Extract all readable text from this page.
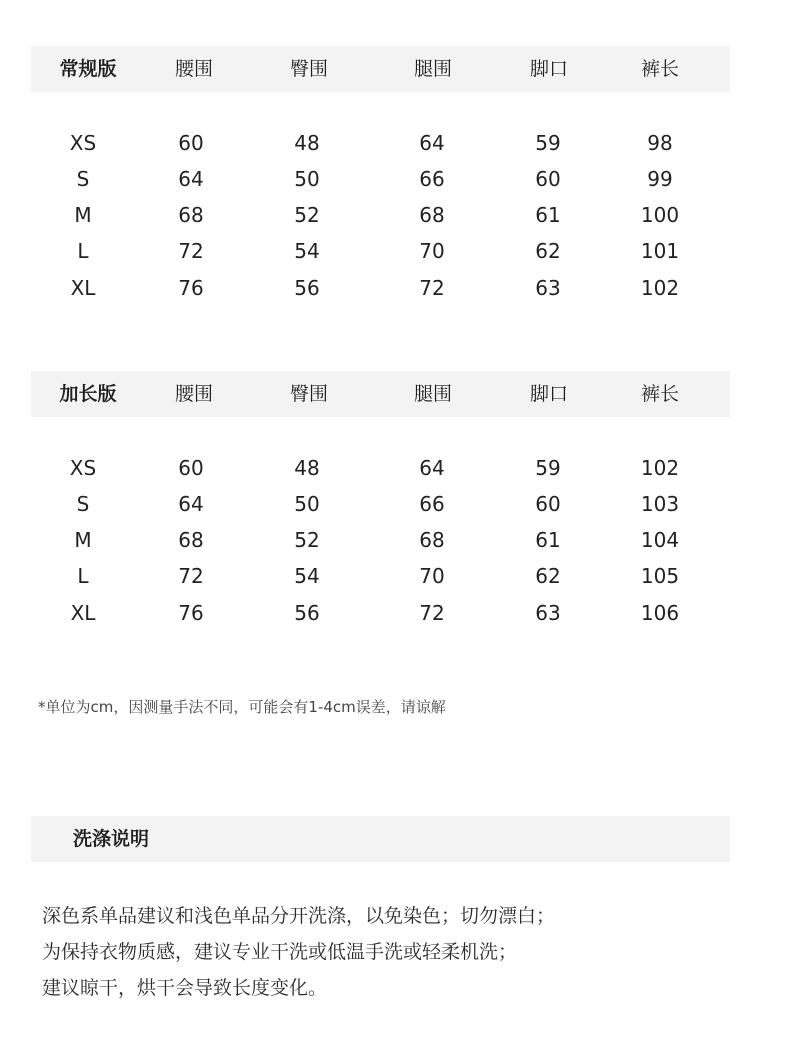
常规版	腰围	臀围	腿围	脚口	裤长
XS	60	48	64	59	98
S	64	50	66	60	99
M	68	52	68	61	100
L	72	54	70	62	101
XL	76	56	72	63	102
加长版	腰围	臀围	腿围	脚口	裤长
XS	60	48	64	59	102
S	64	50	66	60	103
M	68	52	68	61	104
L	72	54	70	62	105
XL	76	56	72	63	106
*单位为cm，因测量手法不同，可能会有1-4cm误差，请谅解
洗涤说明
深色系单品建议和浅色单品分开洗涤，以免染色；切勿漂白；
为保持衣物质感，建议专业干洗或低温手洗或轻柔机洗；
建议晾干，烘干会导致长度变化。
